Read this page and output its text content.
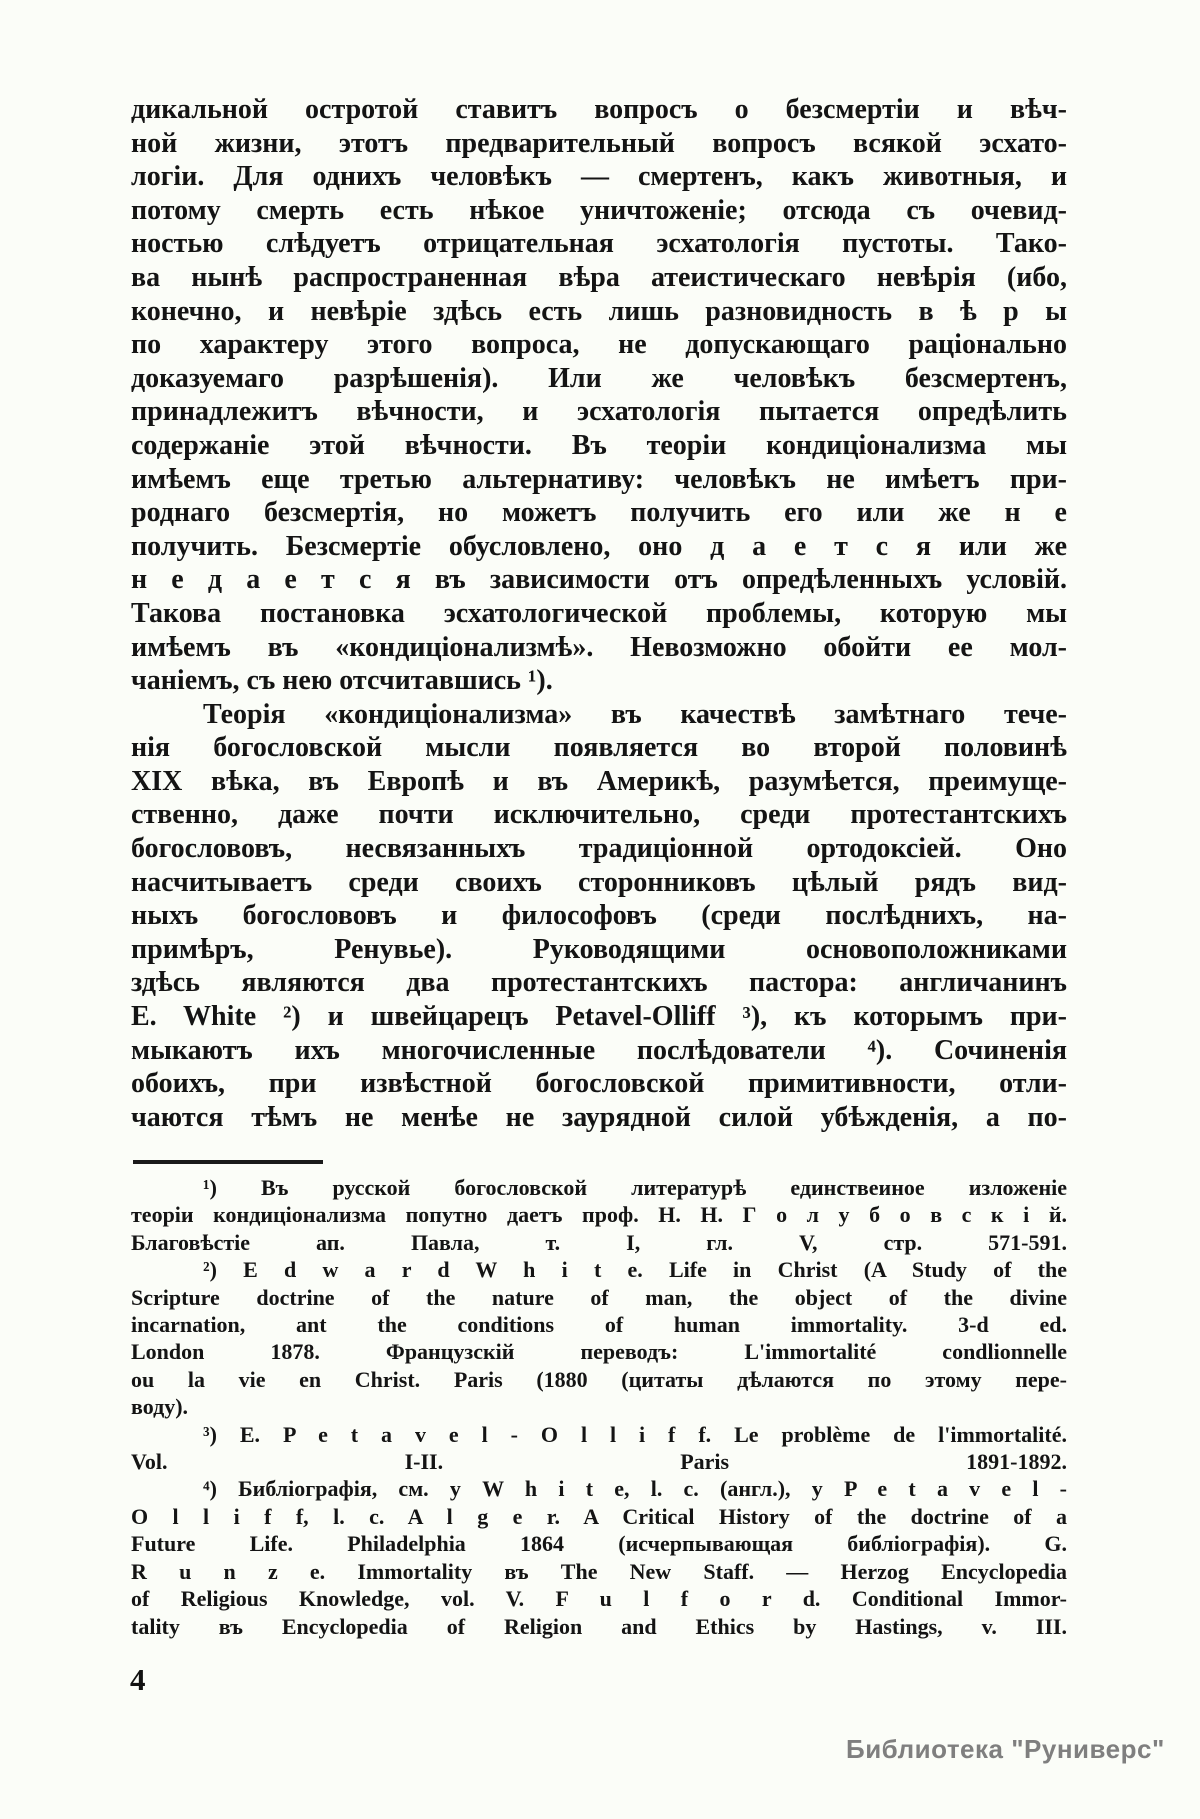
дикальной остротой ставитъ вопросъ о безсмертіи и вѣч-
ной жизни, этотъ предварительный вопросъ всякой эсхато-
логіи. Для однихъ человѣкъ — смертенъ, какъ животныя, и
потому смерть есть нѣкое уничтоженіе; отсюда съ очевид-
ностью слѣдуетъ отрицательная эсхатологія пустоты. Тако-
ва нынѣ распространенная вѣра атеистическаго невѣрія (ибо,
конечно, и невѣріе здѣсь есть лишь разновидность в ѣ р ы
по характеру этого вопроса, не допускающаго раціонально
доказуемаго разрѣшенія). Или же человѣкъ безсмертенъ,
принадлежитъ вѣчности, и эсхатологія пытается опредѣлить
содержаніе этой вѣчности. Въ теоріи кондиціонализма мы
имѣемъ еще третью альтернативу: человѣкъ не имѣетъ при-
роднаго безсмертія, но можетъ получить его или же н е
получить. Безсмертіе обусловлено, оно д а е т с я или же
н е д а е т с я въ зависимости отъ опредѣленныхъ условій.
Такова постановка эсхатологической проблемы, которую мы
имѣемъ въ «кондиціонализмѣ». Невозможно обойти ее мол-
чаніемъ, съ нею отсчитавшись ¹).
Теорія «кондиціонализма» въ качествѣ замѣтнаго тече-
нія богословской мысли появляется во второй половинѣ
XIX вѣка, въ Европѣ и въ Америкѣ, разумѣется, преимуще-
ственно, даже почти исключительно, среди протестантскихъ
богослововъ, несвязанныхъ традиціонной ортодоксіей. Оно
насчитываетъ среди своихъ сторонниковъ цѣлый рядъ вид-
ныхъ богослововъ и философовъ (среди послѣднихъ, на-
примѣръ, Ренувье). Руководящими основоположниками
здѣсь являются два протестантскихъ пастора: англичанинъ
E. White ²) и швейцарецъ Petavel-Olliff ³), къ которымъ при-
мыкаютъ ихъ многочисленные послѣдователи ⁴). Сочиненія
обоихъ, при извѣстной богословской примитивности, отли-
чаются тѣмъ не менѣе не заурядной силой убѣжденія, а по-
¹) Въ русской богословской литературѣ единствеиное изложеніе
теоріи кондиціонализма попутно даетъ проф. Н. Н. Г о л у б о в с к і й.
Благовѣстіе ап. Павла, т. I, гл. V, стр. 571-591.
²) E d w a r d W h i t e. Life in Christ (A Study of the
Scripture doctrine of the nature of man, the object of the divine
incarnation, ant the conditions of human immortality. 3-d ed.
London 1878. Французскій переводъ: L'immortalité condlionnelle
ou la vie en Christ. Paris (1880 (цитаты дѣлаются по этому пере-
воду).
³) E. P e t a v e l - O l l i f f. Le problème de l'immortalité.
Vol. I-II. Paris 1891-1892.
⁴) Библіографія, см. у W h i t e, l. c. (англ.), у P e t a v e l -
O l l i f f, l. c. A l g e r. A Critical History of the doctrine of a
Future Life. Philadelphia 1864 (исчерпывающая библіографія). G.
R u n z e. Immortality въ The New Staff. — Herzog Encyclopedia
of Religious Knowledge, vol. V. F u l f o r d. Conditional Immor-
tality въ Encyclopedia of Religion and Ethics by Hastings, v. III.
4
Библиотека "Руниверс"
